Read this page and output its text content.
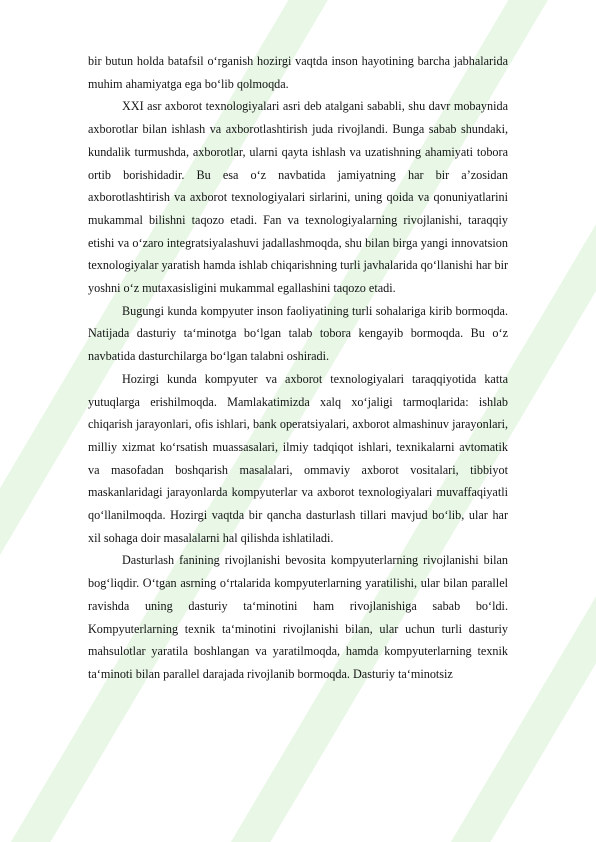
bir butun holda batafsil o‘rganish hozirgi vaqtda inson hayotining barcha jabhalarida muhim ahamiyatga ega bo‘lib qolmoqda.

XXI asr axborot texnologiyalari asri deb atalgani sababli, shu davr mobaynida axborotlar bilan ishlash va axborotlashtirish juda rivojlandi. Bunga sabab shundaki, kundalik turmushda, axborotlar, ularni qayta ishlash va uzatishning ahamiyati tobora ortib borishidadir. Bu esa o‘z navbatida jamiyatning har bir a’zosidan axborotlashtirish va axborot texnologiyalari sirlarini, uning qoida va qonuniyatlarini mukammal bilishni taqozo etadi. Fan va texnologiyalarning rivojlanishi, taraqqiy etishi va o‘zaro integratsiyalashuvi jadallashmoqda, shu bilan birga yangi innovatsion texnologiyalar yaratish hamda ishlab chiqarishning turli javhalarida qo‘llanishi har bir yoshni o‘z mutaxasisligini mukammal egallashini taqozo etadi.

Bugungi kunda kompyuter inson faoliyatining turli sohalariga kirib bormoqda. Natijada dasturiy ta‘minotga bo‘lgan talab tobora kengayib bormoqda. Bu o‘z navbatida dasturchilarga bo‘lgan talabni oshiradi.

Hozirgi kunda kompyuter va axborot texnologiyalari taraqqiyotida katta yutuqlarga erishilmoqda. Mamlakatimizda xalq xo‘jaligi tarmoqlarida: ishlab chiqarish jarayonlari, ofis ishlari, bank operatsiyalari, axborot almashinuv jarayonlari, milliy xizmat ko‘rsatish muassasalari, ilmiy tadqiqot ishlari, texnikalarni avtomatik va masofadan boshqarish masalalari, ommaviy axborot vositalari, tibbiyot maskanlaridagi jarayonlarda kompyuterlar va axborot texnologiyalari muvaffaqiyatli qo‘llanilmoqda. Hozirgi vaqtda bir qancha dasturlash tillari mavjud bo‘lib, ular har xil sohaga doir masalalarni hal qilishda ishlatiladi.

Dasturlash fanining rivojlanishi bevosita kompyuterlarning rivojlanishi bilan bog‘liqdir. O‘tgan asrning o‘rtalarida kompyuterlarning yaratilishi, ular bilan parallel ravishda uning dasturiy ta‘minotini ham rivojlanishiga sabab bo‘ldi. Kompyuterlarning texnik ta‘minotini rivojlanishi bilan, ular uchun turli dasturiy mahsulotlar yaratila boshlangan va yaratilmoqda, hamda kompyuterlarning texnik ta‘minoti bilan parallel darajada rivojlanib bormoqda. Dasturiy ta‘minotsiz
